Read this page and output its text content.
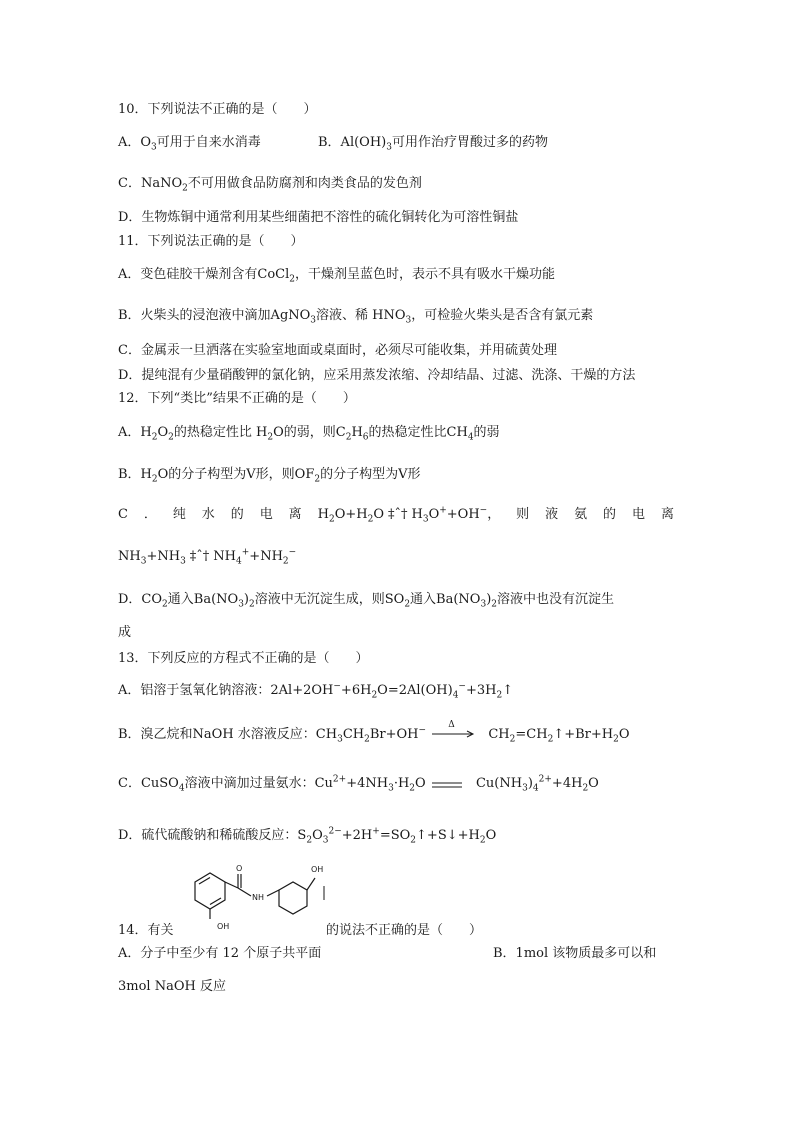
10．下列说法不正确的是（　　）
A．$O_3$可用于自来水消毒	B．$Al(OH)_3$可用作治疗胃酸过多的药物
C．NaNO$_2$不可用做食品防腐剂和肉类食品的发色剂
D．生物炼铜中通常利用某些细菌把不溶性的硫化铜转化为可溶性铜盐
11．下列说法正确的是（　　）
A．变色硅胶干燥剂含有CoCl$_2$，干燥剂呈蓝色时，表示不具有吸水干燥功能
B．火柴头的浸泡液中滴加AgNO$_3$溶液、稀 $HNO_3$，可检验火柴头是否含有氯元素
C．金属汞一旦洒落在实验室地面或桌面时，必须尽可能收集，并用硫黄处理
D．提纯混有少量硝酸钾的氯化钠，应采用蒸发浓缩、冷却结晶、过滤、洗涤、干燥的方法
12．下列“类比”结果不正确的是（　　）
A．$H_2O_2$的热稳定性比 $H_2O$的弱，则$C_2H_6$的热稳定性比$CH_4$的弱
B．$H_2O$的分子构型为V形，则$OF_2$的分子构型为V形
C ． 纯 水 的 电 离 $H_2O+H_2O$ ‡ˆ† $H_3O^++OH^-$， 则 液 氨 的 电 离
$NH_3+NH_3$ ‡ˆ† $NH_4^++NH_2^-$
D．$CO_2$通入$Ba(NO_3)_2$溶液中无沉淀生成，则$SO_2$通入$Ba(NO_3)_2$溶液中也没有沉淀生
成
13．下列反应的方程式不正确的是（　　）
A．铝溶于氢氧化钠溶液：$2Al+2OH^-+6H_2O=2Al(OH)_4^-+3H_2↑$
B．溴乙烷和NaOH 水溶液反应：$CH_3CH_2Br+OH^-$
Δ
$CH_2=CH_2↑+Br+H_2O$
C．CuSO$_4$溶液中滴加过量氨水：$Cu^{2+}+4NH_3\cdot H_2O$	$Cu(NH_3)_4^{2+}+4H_2O$
D．硫代硫酸钠和稀硫酸反应：$S_2O_3^{2-}+2H^+=SO_2↑+S↓+H_2O$
OH
O
NH
OH
14．有关	的说法不正确的是（　　）
A．分子中至少有 12 个原子共平面	B．1mol 该物质最多可以和
3mol NaOH 反应
